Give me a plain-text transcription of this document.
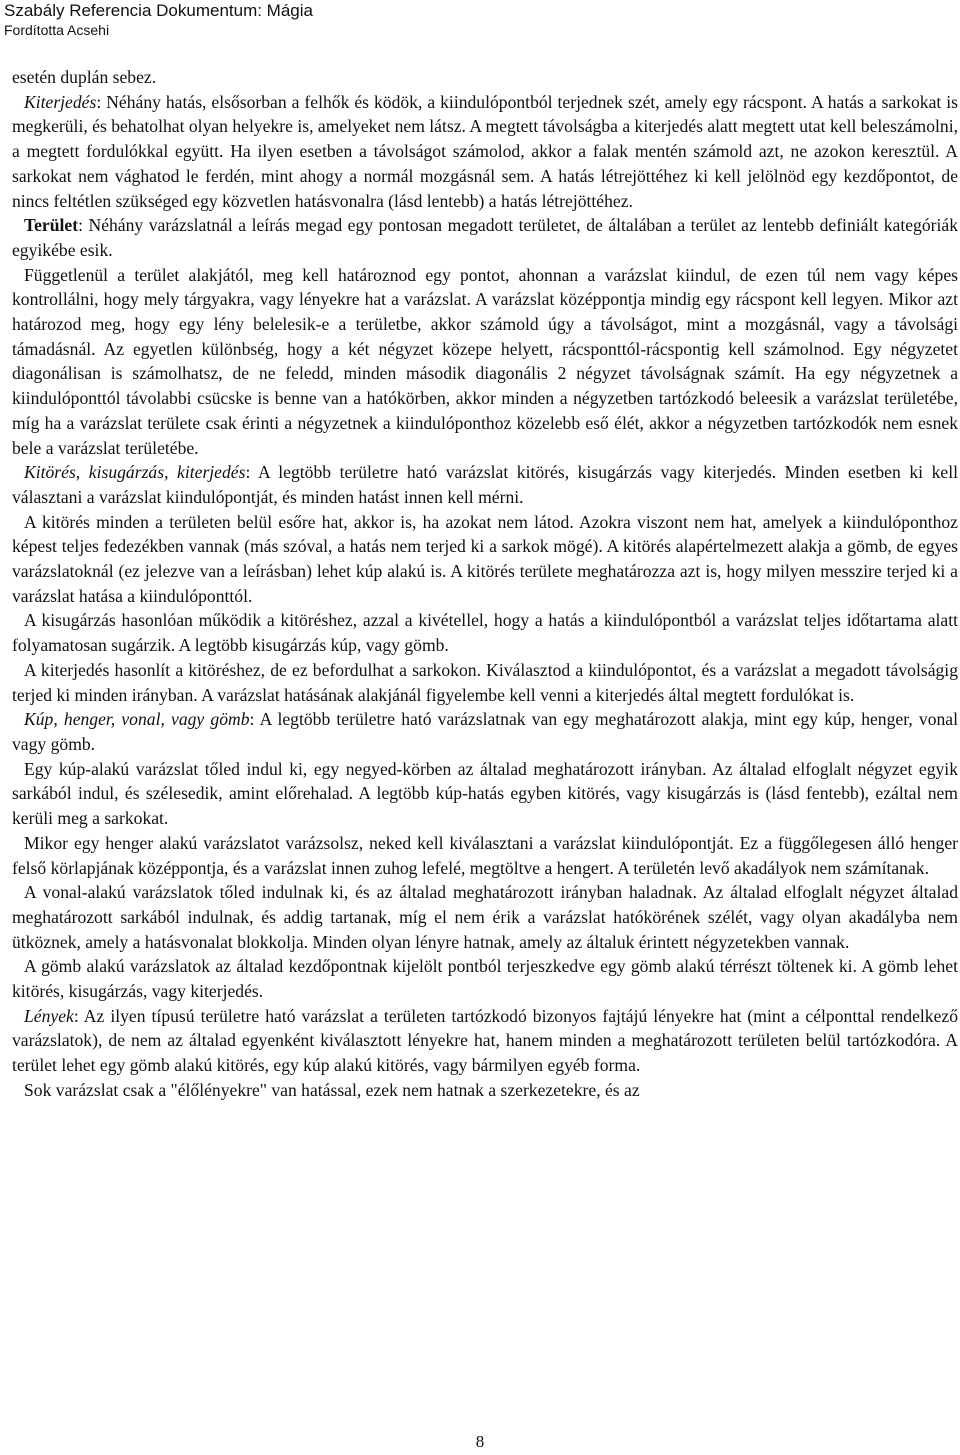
Szabály Referencia Dokumentum: Mágia
Fordította Acsehi

esetén duplán sebez.

Kiterjedés: Néhány hatás, elsősorban a felhők és ködök, a kiindulópontból terjednek szét, amely egy rácspont. A hatás a sarkokat is megkerüli, és behatolhat olyan helyekre is, amelyeket nem látsz. A megtett távolságba a kiterjedés alatt megtett utat kell beleszámolni, a megtett fordulókkal együtt. Ha ilyen esetben a távolságot számolod, akkor a falak mentén számold azt, ne azokon keresztül. A sarkokat nem vághatod le ferdén, mint ahogy a normál mozgásnál sem. A hatás létrejöttéhez ki kell jelölnöd egy kezdőpontot, de nincs feltétlen szükséged egy közvetlen hatásvonalra (lásd lentebb) a hatás létrejöttéhez.

Terület: Néhány varázslatnál a leírás megad egy pontosan megadott területet, de általában a terület az lentebb definiált kategóriák egyikébe esik.

Függetlenül a terület alakjától, meg kell határoznod egy pontot, ahonnan a varázslat kiindul, de ezen túl nem vagy képes kontrollálni, hogy mely tárgyakra, vagy lényekre hat a varázslat. A varázslat középpontja mindig egy rácspont kell legyen. Mikor azt határozod meg, hogy egy lény belelesik-e a területbe, akkor számold úgy a távolságot, mint a mozgásnál, vagy a távolsági támadásnál. Az egyetlen különbség, hogy a két négyzet közepe helyett, rácsponttól-rácspontig kell számolnod. Egy négyzetet diagonálisan is számolhatsz, de ne feledd, minden második diagonális 2 négyzet távolságnak számít. Ha egy négyzetnek a kiindulóponttól távolabbi csücske is benne van a hatókörben, akkor minden a négyzetben tartózkodó beleesik a varázslat területébe, míg ha a varázslat területe csak érinti a négyzetnek a kiindulóponthoz közelebb eső élét, akkor a négyzetben tartózkodók nem esnek bele a varázslat területébe.

Kitörés, kisugárzás, kiterjedés: A legtöbb területre ható varázslat kitörés, kisugárzás vagy kiterjedés. Minden esetben ki kell választani a varázslat kiindulópontját, és minden hatást innen kell mérni.

A kitörés minden a területen belül esőre hat, akkor is, ha azokat nem látod. Azokra viszont nem hat, amelyek a kiindulóponthoz képest teljes fedezékben vannak (más szóval, a hatás nem terjed ki a sarkok mögé). A kitörés alapértelmezett alakja a gömb, de egyes varázslatoknál (ez jelezve van a leírásban) lehet kúp alakú is. A kitörés területe meghatározza azt is, hogy milyen messzire terjed ki a varázslat hatása a kiindulóponttól.

A kisugárzás hasonlóan működik a kitöréshez, azzal a kivétellel, hogy a hatás a kiindulópontból a varázslat teljes időtartama alatt folyamatosan sugárzik. A legtöbb kisugárzás kúp, vagy gömb.

A kiterjedés hasonlít a kitöréshez, de ez befordulhat a sarkokon. Kiválasztod a kiindulópontot, és a varázslat a megadott távolságig terjed ki minden irányban. A varázslat hatásának alakjánál figyelembe kell venni a kiterjedés által megtett fordulókat is.

Kúp, henger, vonal, vagy gömb: A legtöbb területre ható varázslatnak van egy meghatározott alakja, mint egy kúp, henger, vonal vagy gömb.

Egy kúp-alakú varázslat tőled indul ki, egy negyed-körben az általad meghatározott irányban. Az általad elfoglalt négyzet egyik sarkából indul, és szélesedik, amint előrehalad. A legtöbb kúp-hatás egyben kitörés, vagy kisugárzás is (lásd fentebb), ezáltal nem kerüli meg a sarkokat.

Mikor egy henger alakú varázslatot varázsolsz, neked kell kiválasztani a varázslat kiindulópontját. Ez a függőlegesen álló henger felső körlapjának középpontja, és a varázslat innen zuhog lefelé, megtöltve a hengert. A területén levő akadályok nem számítanak.

A vonal-alakú varázslatok tőled indulnak ki, és az általad meghatározott irányban haladnak. Az általad elfoglalt négyzet általad meghatározott sarkából indulnak, és addig tartanak, míg el nem érik a varázslat hatókörének szélét, vagy olyan akadályba nem ütköznek, amely a hatásvonalat blokkolja. Minden olyan lényre hatnak, amely az általuk érintett négyzetekben vannak.

A gömb alakú varázslatok az általad kezdőpontnak kijelölt pontból terjeszkedve egy gömb alakú térrészt töltenek ki. A gömb lehet kitörés, kisugárzás, vagy kiterjedés.

Lények: Az ilyen típusú területre ható varázslat a területen tartózkodó bizonyos fajtájú lényekre hat (mint a célponttal rendelkező varázslatok), de nem az általad egyenként kiválasztott lényekre hat, hanem minden a meghatározott területen belül tartózkodóra. A terület lehet egy gömb alakú kitörés, egy kúp alakú kitörés, vagy bármilyen egyéb forma.

Sok varázslat csak a "élőlényekre" van hatással, ezek nem hatnak a szerkezetekre, és az

8
